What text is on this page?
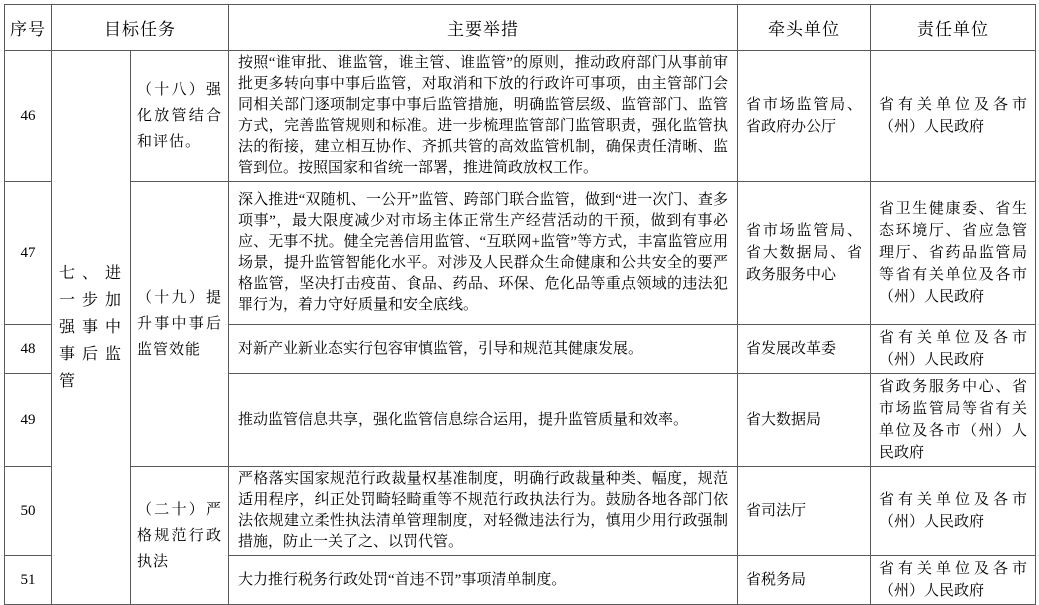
序号	目标任务		主要举措	牵头单位	责任单位
46	七、进一步加强事中事后监管	（十八）强化放管结合和评估。	按照“谁审批、谁监管，谁主管、谁监管”的原则，推动政府部门从事前审批更多转向事中事后监管，对取消和下放的行政许可事项，由主管部门会同相关部门逐项制定事中事后监管措施，明确监管层级、监管部门、监管方式，完善监管规则和标准。进一步梳理监管部门监管职责，强化监管执法的衔接，建立相互协作、齐抓共管的高效监管机制，确保责任清晰、监管到位。按照国家和省统一部署，推进简政放权工作。	省市场监管局、省政府办公厅	省有关单位及各市（州）人民政府
47		（十九）提升事中事后监管效能	深入推进“双随机、一公开”监管、跨部门联合监管，做到“进一次门、查多项事”，最大限度减少对市场主体正常生产经营活动的干预，做到有事必应、无事不扰。健全完善信用监管、“互联网+监管”等方式，丰富监管应用场景，提升监管智能化水平。对涉及人民群众生命健康和公共安全的要严格监管，坚决打击疫苗、食品、药品、环保、危化品等重点领域的违法犯罪行为，着力守好质量和安全底线。	省市场监管局、省大数据局、省政务服务中心	省卫生健康委、省生态环境厅、省应急管理厅、省药品监管局等省有关单位及各市（州）人民政府
48			对新产业新业态实行包容审慎监管，引导和规范其健康发展。	省发展改革委	省有关单位及各市（州）人民政府
49			推动监管信息共享，强化监管信息综合运用，提升监管质量和效率。	省大数据局	省政务服务中心、省市场监管局等省有关单位及各市（州）人民政府
50		（二十）严格规范行政执法	严格落实国家规范行政裁量权基准制度，明确行政裁量种类、幅度，规范适用程序，纠正处罚畸轻畸重等不规范行政执法行为。鼓励各地各部门依法依规建立柔性执法清单管理制度，对轻微违法行为，慎用少用行政强制措施，防止一关了之、以罚代管。	省司法厅	省有关单位及各市（州）人民政府
51			大力推行税务行政处罚“首违不罚”事项清单制度。	省税务局	省有关单位及各市（州）人民政府
